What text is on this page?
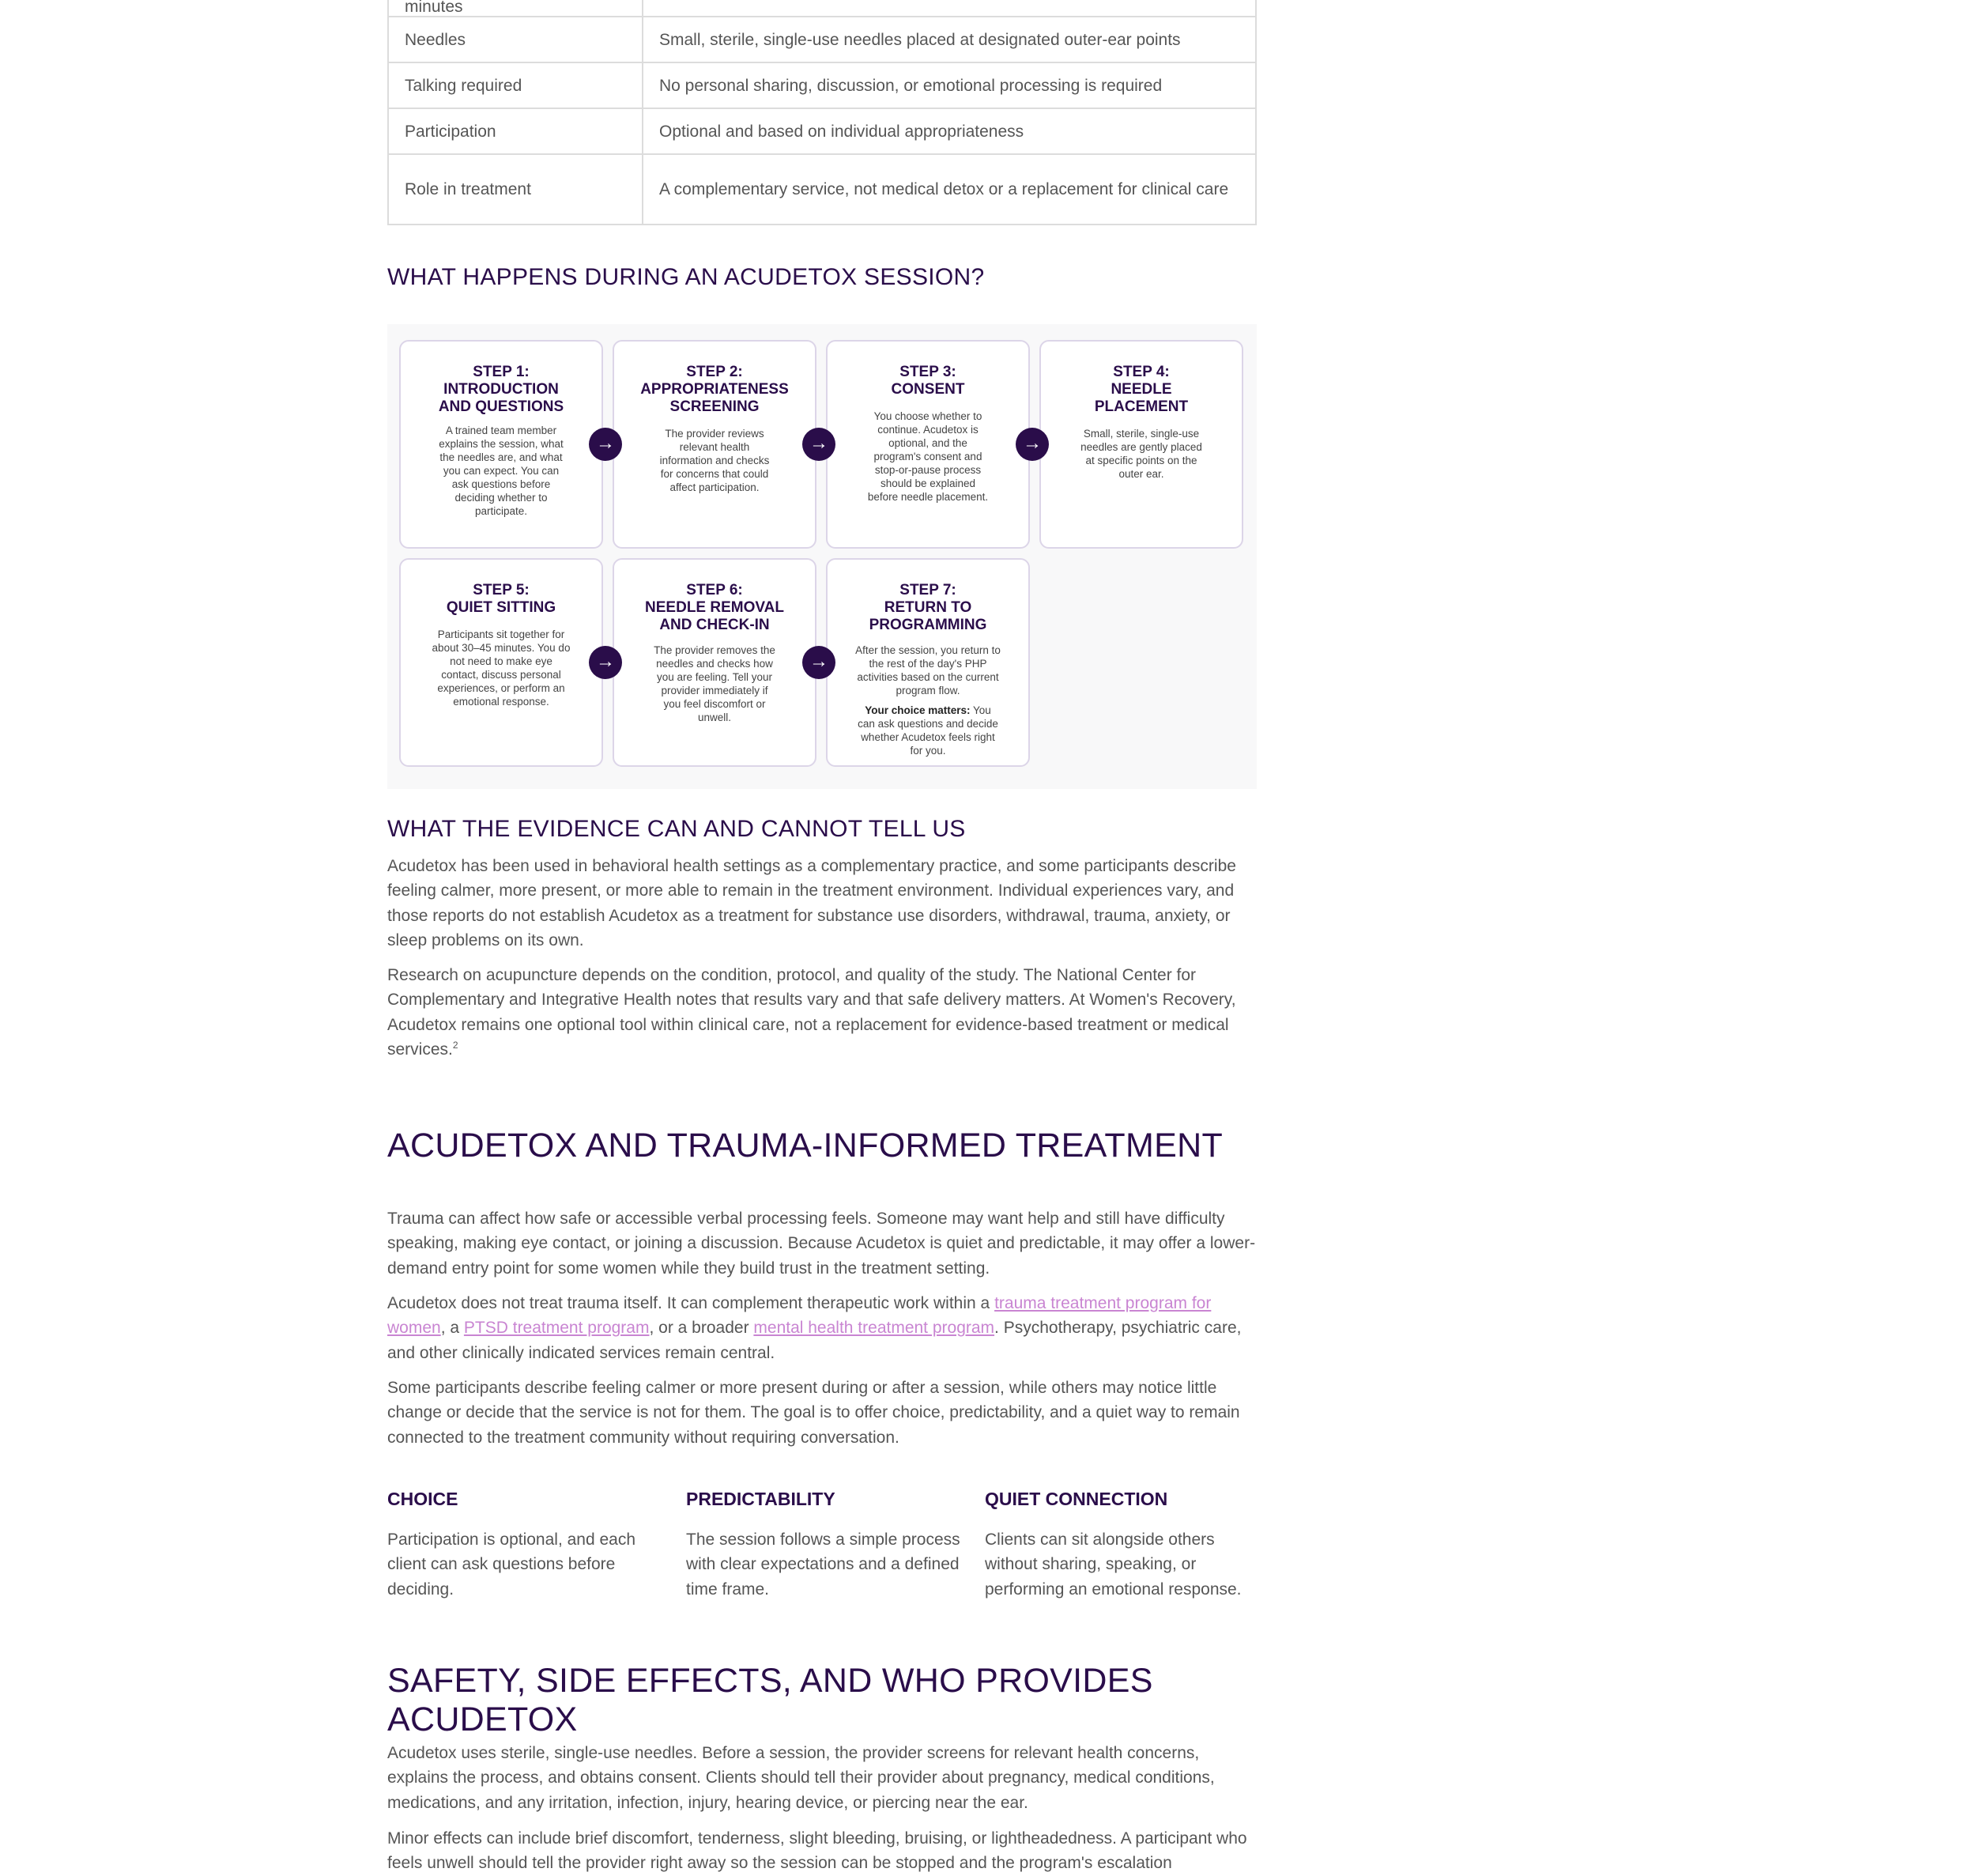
minutes	
Needles	Small, sterile, single-use needles placed at designated outer-ear points
Talking required	No personal sharing, discussion, or emotional processing is required
Participation	Optional and based on individual appropriateness
Role in treatment	A complementary service, not medical detox or a replacement for clinical care
WHAT HAPPENS DURING AN ACUDETOX SESSION?
STEP 1:
INTRODUCTION
AND QUESTIONS
A trained team member explains the session, what the needles are, and what you can expect. You can ask questions before deciding whether to participate.
STEP 2:
APPROPRIATENESS
SCREENING
The provider reviews relevant health information and checks for concerns that could affect participation.
STEP 3:
CONSENT
You choose whether to continue. Acudetox is optional, and the program's consent and stop-or-pause process should be explained before needle placement.
STEP 4:
NEEDLE
PLACEMENT
Small, sterile, single-use needles are gently placed at specific points on the outer ear.
→	→	→
STEP 5:
QUIET SITTING
Participants sit together for about 30–45 minutes. You do not need to make eye contact, discuss personal experiences, or perform an emotional response.
STEP 6:
NEEDLE REMOVAL
AND CHECK-IN
The provider removes the needles and checks how you are feeling. Tell your provider immediately if you feel discomfort or unwell.
STEP 7:
RETURN TO
PROGRAMMING
After the session, you return to the rest of the day's PHP activities based on the current program flow.
Your choice matters: You can ask questions and decide whether Acudetox feels right for you.
→	→
WHAT THE EVIDENCE CAN AND CANNOT TELL US

Acudetox has been used in behavioral health settings as a complementary practice, and some participants describe feeling calmer, more present, or more able to remain in the treatment environment. Individual experiences vary, and those reports do not establish Acudetox as a treatment for substance use disorders, withdrawal, trauma, anxiety, or sleep problems on its own.

Research on acupuncture depends on the condition, protocol, and quality of the study. The National Center for Complementary and Integrative Health notes that results vary and that safe delivery matters. At Women's Recovery, Acudetox remains one optional tool within clinical care, not a replacement for evidence-based treatment or medical services.$^2$

ACUDETOX AND TRAUMA-INFORMED TREATMENT

Trauma can affect how safe or accessible verbal processing feels. Someone may want help and still have difficulty speaking, making eye contact, or joining a discussion. Because Acudetox is quiet and predictable, it may offer a lower-demand entry point for some women while they build trust in the treatment setting.

Acudetox does not treat trauma itself. It can complement therapeutic work within a trauma treatment program for women, a PTSD treatment program, or a broader mental health treatment program. Psychotherapy, psychiatric care, and other clinically indicated services remain central.

Some participants describe feeling calmer or more present during or after a session, while others may notice little change or decide that the service is not for them. The goal is to offer choice, predictability, and a quiet way to remain connected to the treatment community without requiring conversation.

CHOICE

Participation is optional, and each client can ask questions before deciding.

PREDICTABILITY

The session follows a simple process with clear expectations and a defined time frame.

QUIET CONNECTION

Clients can sit alongside others without sharing, speaking, or performing an emotional response.

SAFETY, SIDE EFFECTS, AND WHO PROVIDES ACUDETOX

Acudetox uses sterile, single-use needles. Before a session, the provider screens for relevant health concerns, explains the process, and obtains consent. Clients should tell their provider about pregnancy, medical conditions, medications, and any irritation, infection, injury, hearing device, or piercing near the ear.

Minor effects can include brief discomfort, tenderness, slight bleeding, bruising, or lightheadedness. A participant who feels unwell should tell the provider right away so the session can be stopped and the program's escalation
